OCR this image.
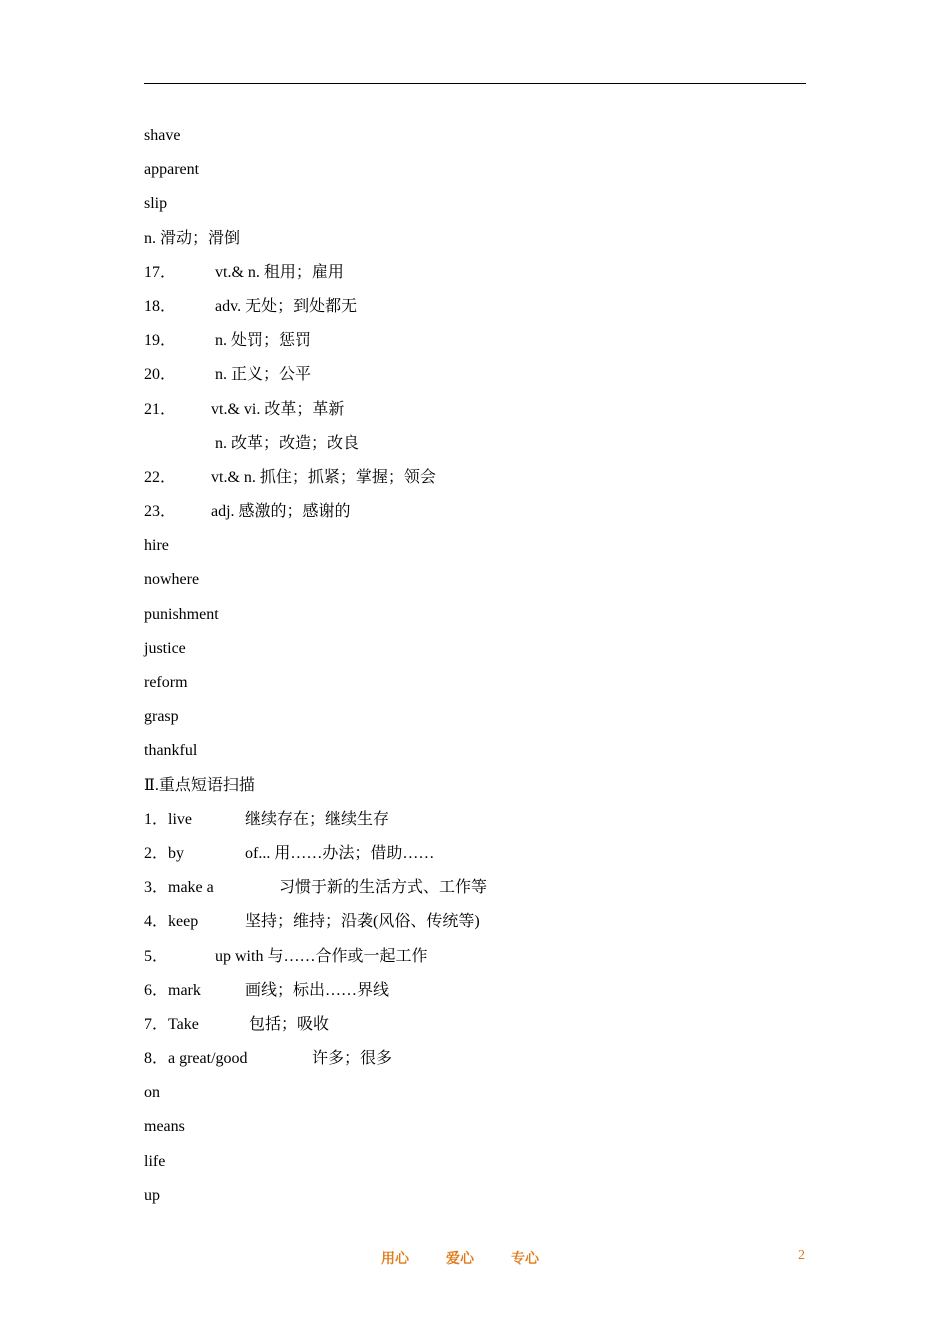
shave
apparent
slip
n. 滑动；滑倒
17． vt.& n. 租用；雇用
18． adv. 无处；到处都无
19． n. 处罚；惩罚
20． n. 正义；公平
21． vt.& vi. 改革；革新
n. 改革；改造；改良
22． vt.& n. 抓住；抓紧；掌握；领会
23． adj. 感激的；感谢的
hire
nowhere
punishment
justice
reform
grasp
thankful
Ⅱ.重点短语扫描
1．live	继续存在；继续生存
2．by	of... 用……办法；借助……
3．make a	习惯于新的生活方式、工作等
4．keep	坚持；维持；沿袭(风俗、传统等)
5．	up with 与……合作或一起工作
6．mark	画线；标出……界线
7．Take	包括；吸收
8．a great/good	许多；很多
on
means
life
up
用心	爱心	专心	2
